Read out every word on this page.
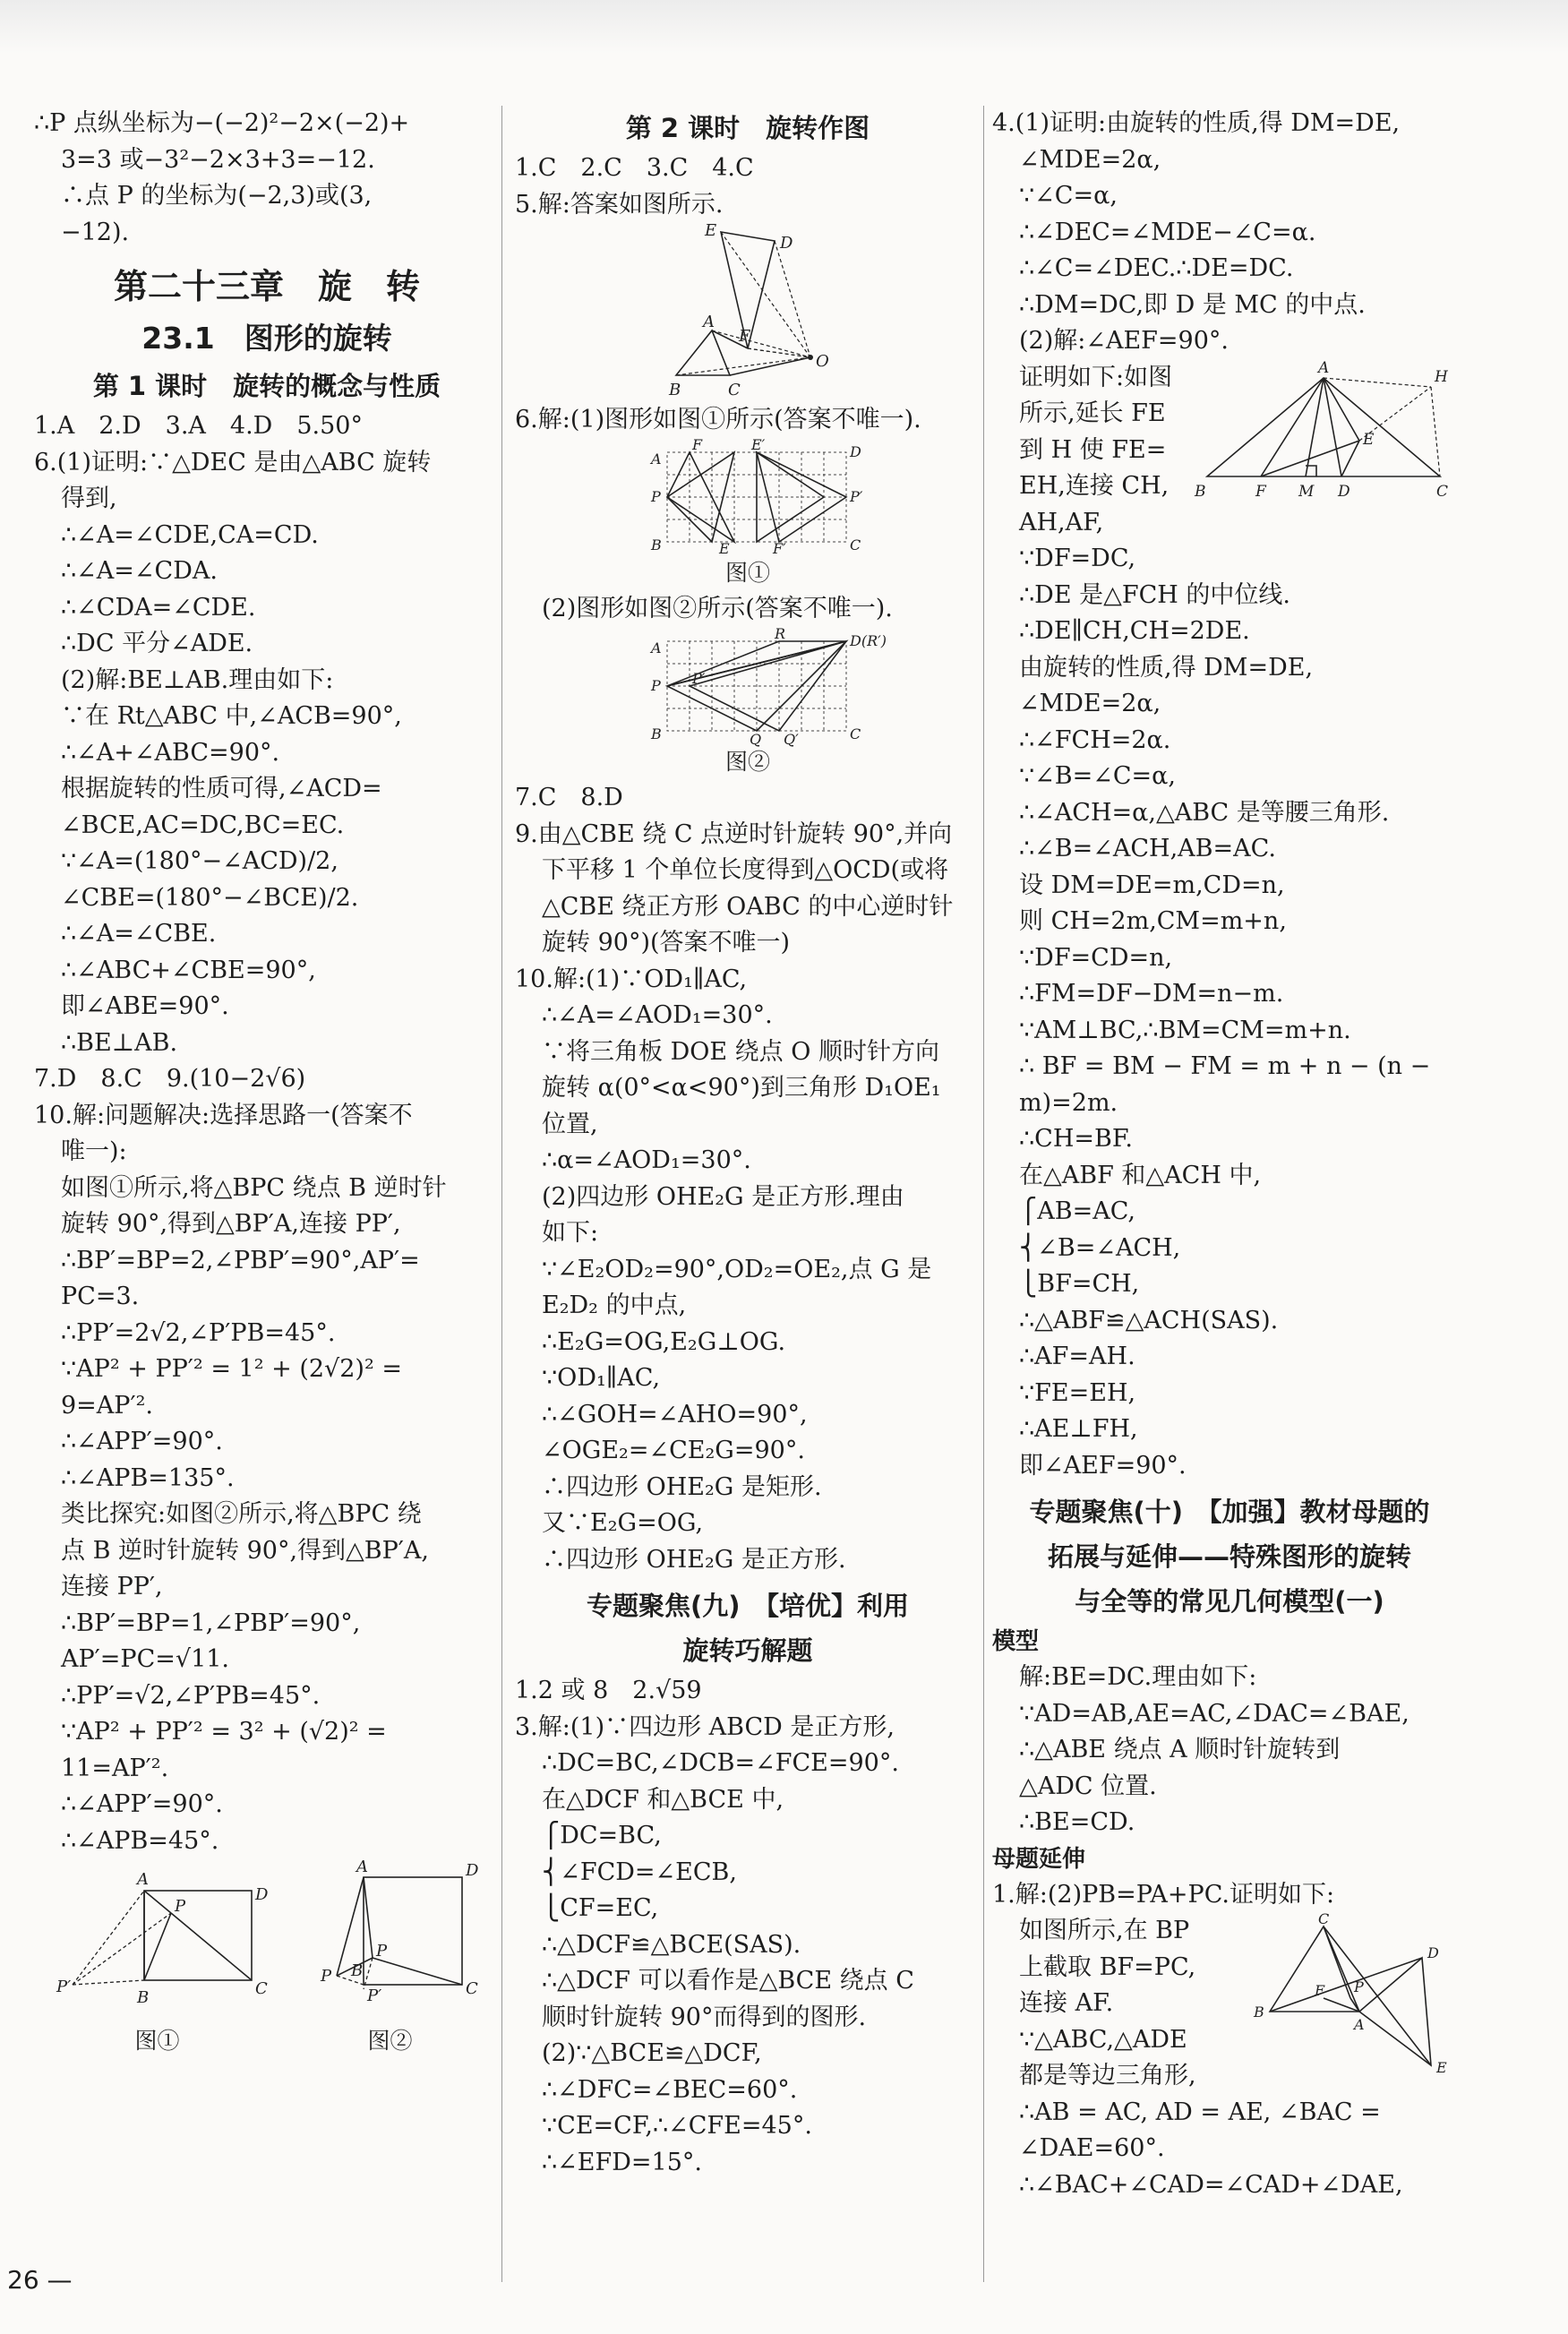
∴P 点纵坐标为−(−2)²−2×(−2)+
3=3 或−3²−2×3+3=−12.
∴点 P 的坐标为(−2,3)或(3,
−12).
第二十三章　旋　转
23.1　图形的旋转
第 1 课时　旋转的概念与性质
1.A　2.D　3.A　4.D　5.50°
6.(1)证明:∵△DEC 是由△ABC 旋转
得到,
∴∠A=∠CDE,CA=CD.
∴∠A=∠CDA.
∴∠CDA=∠CDE.
∴DC 平分∠ADE.
(2)解:BE⊥AB.理由如下:
∵在 Rt△ABC 中,∠ACB=90°,
∴∠A+∠ABC=90°.
根据旋转的性质可得,∠ACD=
∠BCE,AC=DC,BC=EC.
∵∠A=(180°−∠ACD)/2,
∠CBE=(180°−∠BCE)/2.
∴∠A=∠CBE.
∴∠ABC+∠CBE=90°,
即∠ABE=90°.
∴BE⊥AB.
7.D　8.C　9.(10−2√6)
10.解:问题解决:选择思路一(答案不
唯一):
如图①所示,将△BPC 绕点 B 逆时针
旋转 90°,得到△BP′A,连接 PP′,
∴BP′=BP=2,∠PBP′=90°,AP′=
PC=3.
∴PP′=2√2,∠P′PB=45°.
∵AP² + PP′² = 1² + (2√2)² =
9=AP′².
∴∠APP′=90°.
∴∠APB=135°.
类比探究:如图②所示,将△BPC 绕
点 B 逆时针旋转 90°,得到△BP′A,
连接 PP′,
∴BP′=BP=1,∠PBP′=90°,
AP′=PC=√11.
∴PP′=√2,∠P′PB=45°.
∵AP² + PP′² = 3² + (√2)² =
11=AP′².
∴∠APP′=90°.
∴∠APB=45°.
A
D
P
P′
B	C
图①
A	D
P
P
P′
B
C
图②
第 2 课时　旋转作图
1.C　2.C　3.C　4.C
5.解:答案如图所示.
E
D
A
F
B	C
O
6.解:(1)图形如图①所示(答案不唯一).
A
P
B
F	E′	D
P′
C
E	F′
图①
(2)图形如图②所示(答案不唯一).
A
P
B
P′
R	D(R′)
C
Q Q′
图②
7.C　8.D
9.由△CBE 绕 C 点逆时针旋转 90°,并向
下平移 1 个单位长度得到△OCD(或将
△CBE 绕正方形 OABC 的中心逆时针
旋转 90°)(答案不唯一)
10.解:(1)∵OD₁∥AC,
∴∠A=∠AOD₁=30°.
∵将三角板 DOE 绕点 O 顺时针方向
旋转 α(0°<α<90°)到三角形 D₁OE₁
位置,
∴α=∠AOD₁=30°.
(2)四边形 OHE₂G 是正方形.理由
如下:
∵∠E₂OD₂=90°,OD₂=OE₂,点 G 是
E₂D₂ 的中点,
∴E₂G=OG,E₂G⊥OG.
∵OD₁∥AC,
∴∠GOH=∠AHO=90°,
∠OGE₂=∠CE₂G=90°.
∴四边形 OHE₂G 是矩形.
又∵E₂G=OG,
∴四边形 OHE₂G 是正方形.
专题聚焦(九)　【培优】利用
旋转巧解题
1.2 或 8　2.√59
3.解:(1)∵四边形 ABCD 是正方形,
∴DC=BC,∠DCB=∠FCE=90°.
在△DCF 和△BCE 中,
⎧DC=BC,
⎨∠FCD=∠ECB,
⎩CF=EC,
∴△DCF≌△BCE(SAS).
∴△DCF 可以看作是△BCE 绕点 C
顺时针旋转 90°而得到的图形.
(2)∵△BCE≌△DCF,
∴∠DFC=∠BEC=60°.
∵CE=CF,∴∠CFE=45°.
∴∠EFD=15°.
4.(1)证明:由旋转的性质,得 DM=DE,
∠MDE=2α,
∵∠C=α,
∴∠DEC=∠MDE−∠C=α.
∴∠C=∠DEC.∴DE=DC.
∴DM=DC,即 D 是 MC 的中点.
(2)解:∠AEF=90°.
证明如下:如图
所示,延长 FE
到 H 使 FE=
EH,连接 CH,
AH,AF,
A	H
E
B	F M D	C
∵DF=DC,
∴DE 是△FCH 的中位线.
∴DE∥CH,CH=2DE.
由旋转的性质,得 DM=DE,
∠MDE=2α,
∴∠FCH=2α.
∵∠B=∠C=α,
∴∠ACH=α,△ABC 是等腰三角形.
∴∠B=∠ACH,AB=AC.
设 DM=DE=m,CD=n,
则 CH=2m,CM=m+n,
∵DF=CD=n,
∴FM=DF−DM=n−m.
∵AM⊥BC,∴BM=CM=m+n.
∴ BF = BM − FM = m + n − (n −
m)=2m.
∴CH=BF.
在△ABF 和△ACH 中,
⎧AB=AC,
⎨∠B=∠ACH,
⎩BF=CH,
∴△ABF≌△ACH(SAS).
∴AF=AH.
∵FE=EH,
∴AE⊥FH,
即∠AEF=90°.
专题聚焦(十)　【加强】教材母题的
拓展与延伸——特殊图形的旋转
与全等的常见几何模型(一)
模型
解:BE=DC.理由如下:
∵AD=AB,AE=AC,∠DAC=∠BAE,
∴△ABE 绕点 A 顺时针旋转到
△ADC 位置.
∴BE=CD.
母题延伸
1.解:(2)PB=PA+PC.证明如下:
如图所示,在 BP
上截取 BF=PC,
连接 AF.
∵△ABC,△ADE
都是等边三角形,
C
D
F P
B
A
E
∴AB = AC, AD = AE, ∠BAC =
∠DAE=60°.
∴∠BAC+∠CAD=∠CAD+∠DAE,
26 —
